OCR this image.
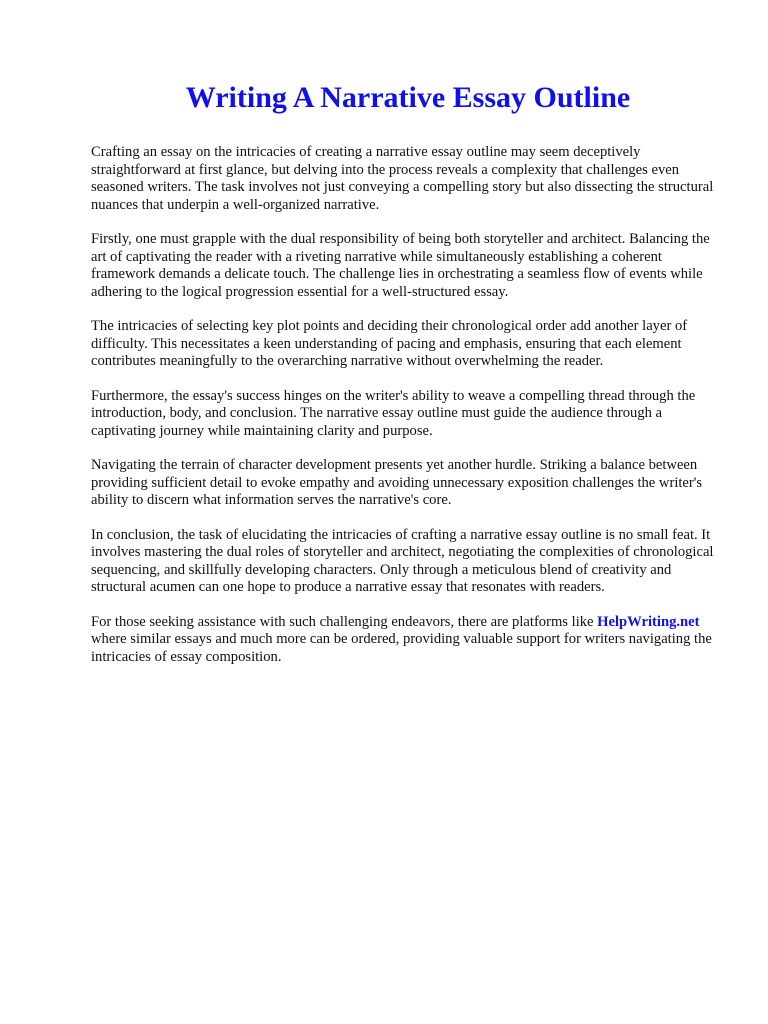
Writing A Narrative Essay Outline

Crafting an essay on the intricacies of creating a narrative essay outline may seem deceptively straightforward at first glance, but delving into the process reveals a complexity that challenges even seasoned writers. The task involves not just conveying a compelling story but also dissecting the structural nuances that underpin a well-organized narrative.

Firstly, one must grapple with the dual responsibility of being both storyteller and architect. Balancing the art of captivating the reader with a riveting narrative while simultaneously establishing a coherent framework demands a delicate touch. The challenge lies in orchestrating a seamless flow of events while adhering to the logical progression essential for a well-structured essay.

The intricacies of selecting key plot points and deciding their chronological order add another layer of difficulty. This necessitates a keen understanding of pacing and emphasis, ensuring that each element contributes meaningfully to the overarching narrative without overwhelming the reader.

Furthermore, the essay's success hinges on the writer's ability to weave a compelling thread through the introduction, body, and conclusion. The narrative essay outline must guide the audience through a captivating journey while maintaining clarity and purpose.

Navigating the terrain of character development presents yet another hurdle. Striking a balance between providing sufficient detail to evoke empathy and avoiding unnecessary exposition challenges the writer's ability to discern what information serves the narrative's core.

In conclusion, the task of elucidating the intricacies of crafting a narrative essay outline is no small feat. It involves mastering the dual roles of storyteller and architect, negotiating the complexities of chronological sequencing, and skillfully developing characters. Only through a meticulous blend of creativity and structural acumen can one hope to produce a narrative essay that resonates with readers.

For those seeking assistance with such challenging endeavors, there are platforms like HelpWriting.net where similar essays and much more can be ordered, providing valuable support for writers navigating the intricacies of essay composition.
